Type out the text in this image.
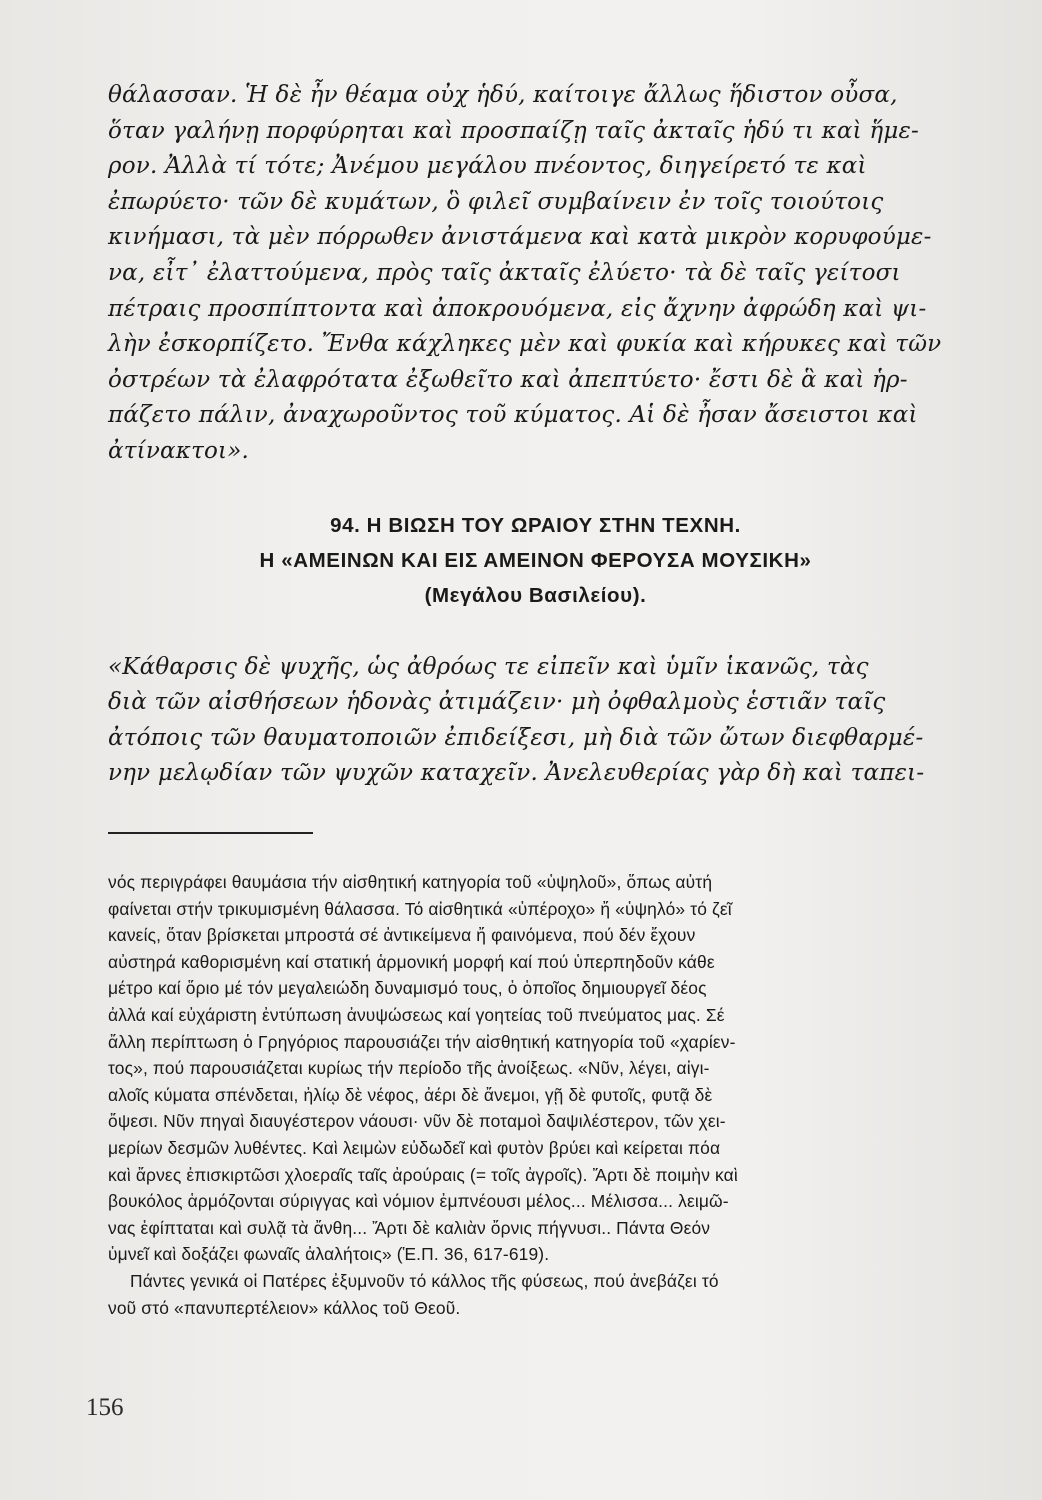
θάλασσαν. Ἡ δὲ ἦν θέαμα οὐχ ἡδύ, καίτοιγε ἄλλως ἥδιστον οὖσα,
ὅταν γαλήνῃ πορφύρηται καὶ προσπαίζῃ ταῖς ἀκταῖς ἡδύ τι καὶ ἥμε-
ρον. Ἀλλὰ τί τότε; Ἀνέμου μεγάλου πνέοντος, διηγείρετό τε καὶ
ἐπωρύετο· τῶν δὲ κυμάτων, ὃ φιλεῖ συμβαίνειν ἐν τοῖς τοιούτοις
κινήμασι, τὰ μὲν πόρρωθεν ἀνιστάμενα καὶ κατὰ μικρὸν κορυφούμε-
να, εἶτ᾽ ἐλαττούμενα, πρὸς ταῖς ἀκταῖς ἐλύετο· τὰ δὲ ταῖς γείτοσι
πέτραις προσπίπτοντα καὶ ἀποκρουόμενα, εἰς ἄχνην ἀφρώδη καὶ ψι-
λὴν ἐσκορπίζετο. Ἔνθα κάχληκες μὲν καὶ φυκία καὶ κήρυκες καὶ τῶν
ὀστρέων τὰ ἐλαφρότατα ἐξωθεῖτο καὶ ἀπεπτύετο· ἔστι δὲ ἃ καὶ ἡρ-
πάζετο πάλιν, ἀναχωροῦντος τοῦ κύματος. Αἱ δὲ ἦσαν ἄσειστοι καὶ
ἀτίνακτοι».
94. Η ΒΙΩΣΗ ΤΟΥ ΩΡΑΙΟΥ ΣΤΗΝ ΤΕΧΝΗ.
Η «ΑΜΕΙΝΩΝ ΚΑΙ ΕΙΣ ΑΜΕΙΝΟΝ ΦΕΡΟΥΣΑ ΜΟΥΣΙΚΗ»
(Μεγάλου Βασιλείου).
«Κάθαρσις δὲ ψυχῆς, ὡς ἀθρόως τε εἰπεῖν καὶ ὑμῖν ἱκανῶς, τὰς
διὰ τῶν αἰσθήσεων ἡδονὰς ἀτιμάζειν· μὴ ὀφθαλμοὺς ἑστιᾶν ταῖς
ἀτόποις τῶν θαυματοποιῶν ἐπιδείξεσι, μὴ διὰ τῶν ὤτων διεφθαρμέ-
νην μελῳδίαν τῶν ψυχῶν καταχεῖν. Ἀνελευθερίας γὰρ δὴ καὶ ταπει-
νός περιγράφει θαυμάσια τήν αἰσθητική κατηγορία τοῦ «ὑψηλοῦ», ὅπως αὐτή
φαίνεται στήν τρικυμισμένη θάλασσα. Τό αἰσθητικά «ὑπέροχο» ἤ «ὑψηλό» τό ζεῖ
κανείς, ὅταν βρίσκεται μπροστά σέ ἀντικείμενα ἤ φαινόμενα, πού δέν ἔχουν
αὐστηρά καθορισμένη καί στατική ἁρμονική μορφή καί πού ὑπερπηδοῦν κάθε
μέτρο καί ὅριο μέ τόν μεγαλειώδη δυναμισμό τους, ὁ ὁποῖος δημιουργεῖ δέος
ἀλλά καί εὐχάριστη ἐντύπωση ἀνυψώσεως καί γοητείας τοῦ πνεύματος μας. Σέ
ἄλλη περίπτωση ὁ Γρηγόριος παρουσιάζει τήν αἰσθητική κατηγορία τοῦ «χαρίεν-
τος», πού παρουσιάζεται κυρίως τήν περίοδο τῆς ἀνοίξεως. «Νῦν, λέγει, αἰγι-
αλοῖς κύματα σπένδεται, ἠλίῳ δὲ νέφος, ἀέρι δὲ ἄνεμοι, γῇ δὲ φυτοῖς, φυτᾷ δὲ
ὄψεσι. Νῦν πηγαὶ διαυγέστερον νάουσι· νῦν δὲ ποταμοὶ δαψιλέστερον, τῶν χει-
μερίων δεσμῶν λυθέντες. Καὶ λειμὼν εὐδωδεῖ καὶ φυτὸν βρύει καὶ κείρεται πόα
καὶ ἄρνες ἐπισκιρτῶσι χλοεραῖς ταῖς ἀρούραις (= τοῖς ἀγροῖς). Ἄρτι δὲ ποιμὴν καὶ
βουκόλος ἁρμόζονται σύριγγας καὶ νόμιον ἐμπνέουσι μέλος... Μέλισσα... λειμῶ-
νας ἐφίπταται καὶ συλᾷ τὰ ἄνθη... Ἄρτι δὲ καλιὰν ὄρνις πήγνυσι.. Πάντα Θεόν
ὑμνεῖ καὶ δοξάζει φωναῖς ἀλαλήτοις» (Ἑ.Π. 36, 617-619).
Πάντες γενικά οἱ Πατέρες ἐξυμνοῦν τό κάλλος τῆς φύσεως, πού ἀνεβάζει τό
νοῦ στό «πανυπερτέλειον» κάλλος τοῦ Θεοῦ.
156
